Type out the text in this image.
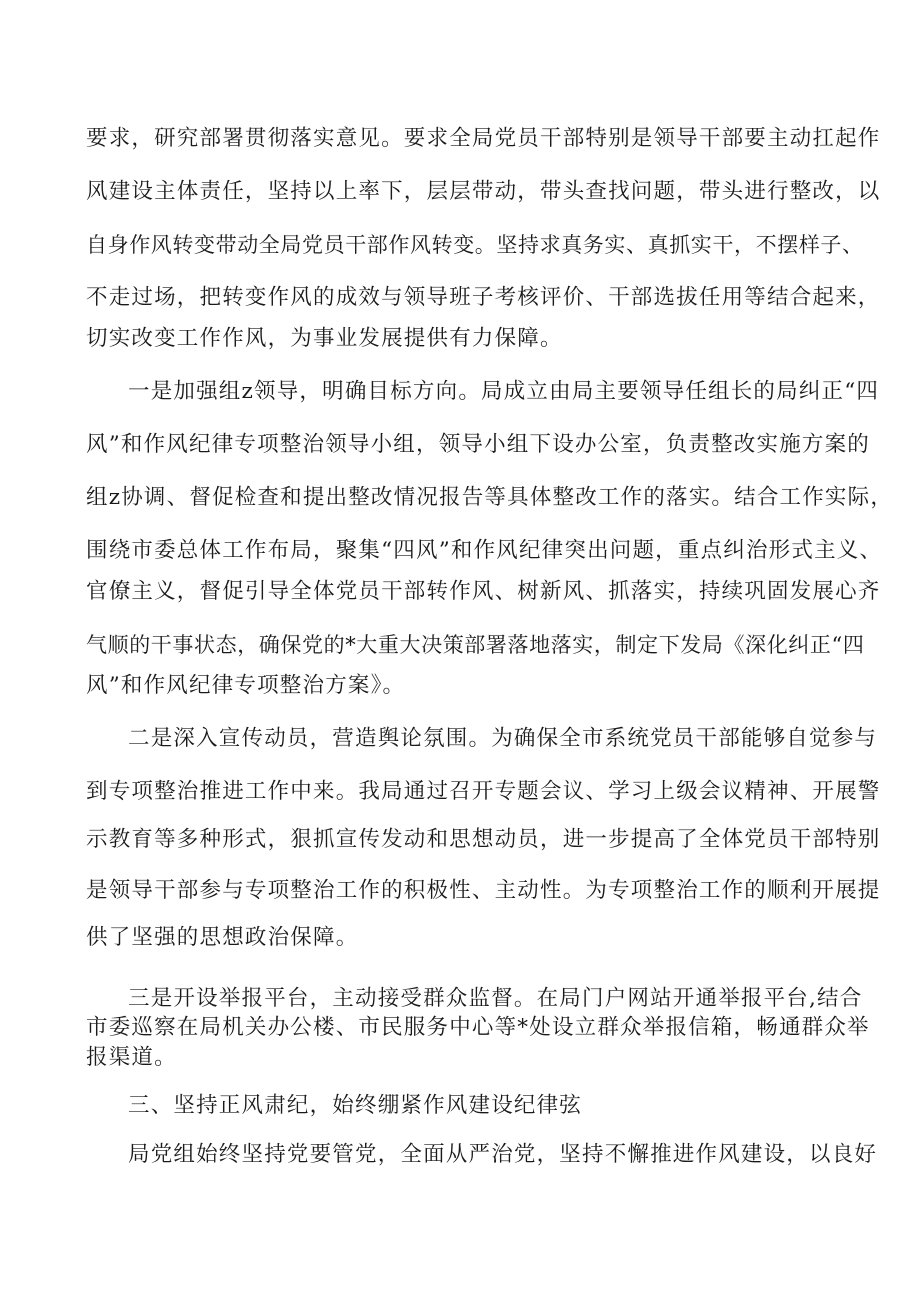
要求，研究部署贯彻落实意见。要求全局党员干部特别是领导干部要主动扛起作
风建设主体责任，坚持以上率下，层层带动，带头查找问题，带头进行整改，以
自身作风转变带动全局党员干部作风转变。坚持求真务实、真抓实干，不摆样子、
不走过场，把转变作风的成效与领导班子考核评价、干部选拔任用等结合起来，
切实改变工作作风，为事业发展提供有力保障。
一是加强组z领导，明确目标方向。局成立由局主要领导任组长的局纠正“四
风”和作风纪律专项整治领导小组，领导小组下设办公室，负责整改实施方案的
组z协调、督促检查和提出整改情况报告等具体整改工作的落实。结合工作实际，
围绕市委总体工作布局，聚集“四风”和作风纪律突出问题，重点纠治形式主义、
官僚主义，督促引导全体党员干部转作风、树新风、抓落实，持续巩固发展心齐
气顺的干事状态，确保党的*大重大决策部署落地落实，制定下发局《深化纠正“四
风”和作风纪律专项整治方案》。
二是深入宣传动员，营造舆论氛围。为确保全市系统党员干部能够自觉参与
到专项整治推进工作中来。我局通过召开专题会议、学习上级会议精神、开展警
示教育等多种形式，狠抓宣传发动和思想动员，进一步提高了全体党员干部特别
是领导干部参与专项整治工作的积极性、主动性。为专项整治工作的顺利开展提
供了坚强的思想政治保障。
三是开设举报平台，主动接受群众监督。在局门户网站开通举报平台,结合
市委巡察在局机关办公楼、市民服务中心等*处设立群众举报信箱，畅通群众举
报渠道。
三、坚持正风肃纪，始终绷紧作风建设纪律弦
局党组始终坚持党要管党，全面从严治党，坚持不懈推进作风建设，以良好
